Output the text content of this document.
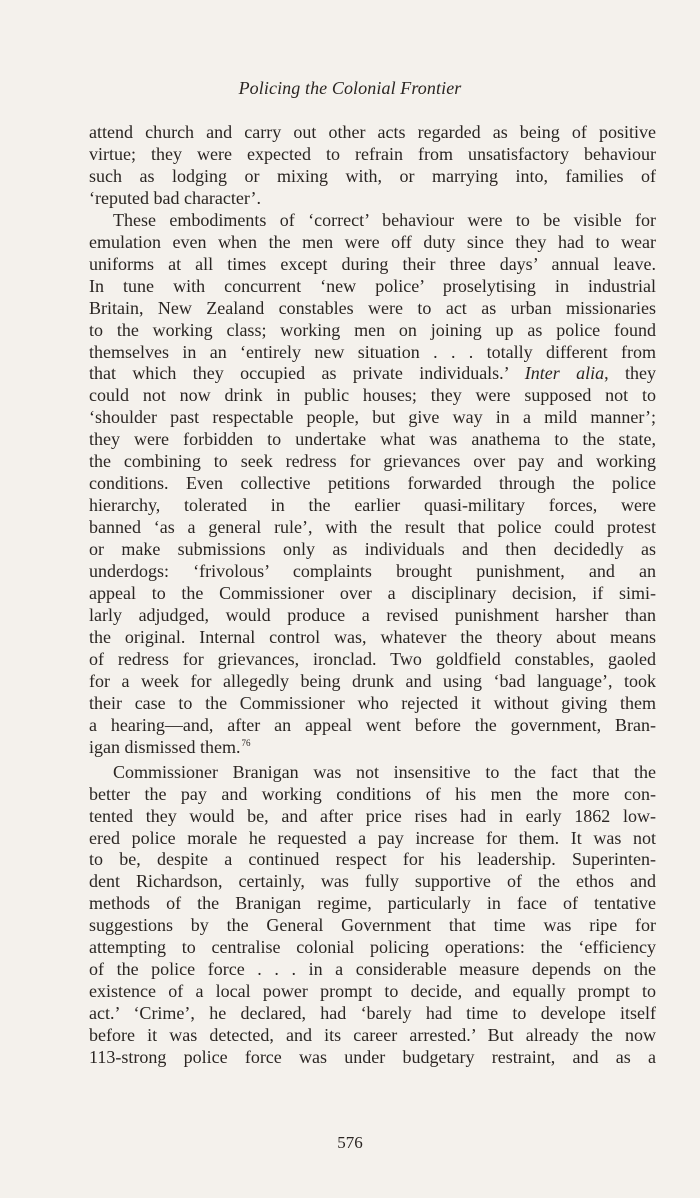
Policing the Colonial Frontier
attend church and carry out other acts regarded as being of positive
virtue; they were expected to refrain from unsatisfactory behaviour
such as lodging or mixing with, or marrying into, families of
‘reputed bad character’.
These embodiments of ‘correct’ behaviour were to be visible for
emulation even when the men were off duty since they had to wear
uniforms at all times except during their three days’ annual leave.
In tune with concurrent ‘new police’ proselytising in industrial
Britain, New Zealand constables were to act as urban missionaries
to the working class; working men on joining up as police found
themselves in an ‘entirely new situation . . . totally different from
that which they occupied as private individuals.’ Inter alia, they
could not now drink in public houses; they were supposed not to
‘shoulder past respectable people, but give way in a mild manner’;
they were forbidden to undertake what was anathema to the state,
the combining to seek redress for grievances over pay and working
conditions. Even collective petitions forwarded through the police
hierarchy, tolerated in the earlier quasi-military forces, were
banned ‘as a general rule’, with the result that police could protest
or make submissions only as individuals and then decidedly as
underdogs: ‘frivolous’ complaints brought punishment, and an
appeal to the Commissioner over a disciplinary decision, if simi-
larly adjudged, would produce a revised punishment harsher than
the original. Internal control was, whatever the theory about means
of redress for grievances, ironclad. Two goldfield constables, gaoled
for a week for allegedly being drunk and using ‘bad language’, took
their case to the Commissioner who rejected it without giving them
a hearing—and, after an appeal went before the government, Bran-
igan dismissed them.$^{76}$
Commissioner Branigan was not insensitive to the fact that the
better the pay and working conditions of his men the more con-
tented they would be, and after price rises had in early 1862 low-
ered police morale he requested a pay increase for them. It was not
to be, despite a continued respect for his leadership. Superinten-
dent Richardson, certainly, was fully supportive of the ethos and
methods of the Branigan regime, particularly in face of tentative
suggestions by the General Government that time was ripe for
attempting to centralise colonial policing operations: the ‘efficiency
of the police force . . . in a considerable measure depends on the
existence of a local power prompt to decide, and equally prompt to
act.’ ‘Crime’, he declared, had ‘barely had time to develope itself
before it was detected, and its career arrested.’ But already the now
113-strong police force was under budgetary restraint, and as a
576
